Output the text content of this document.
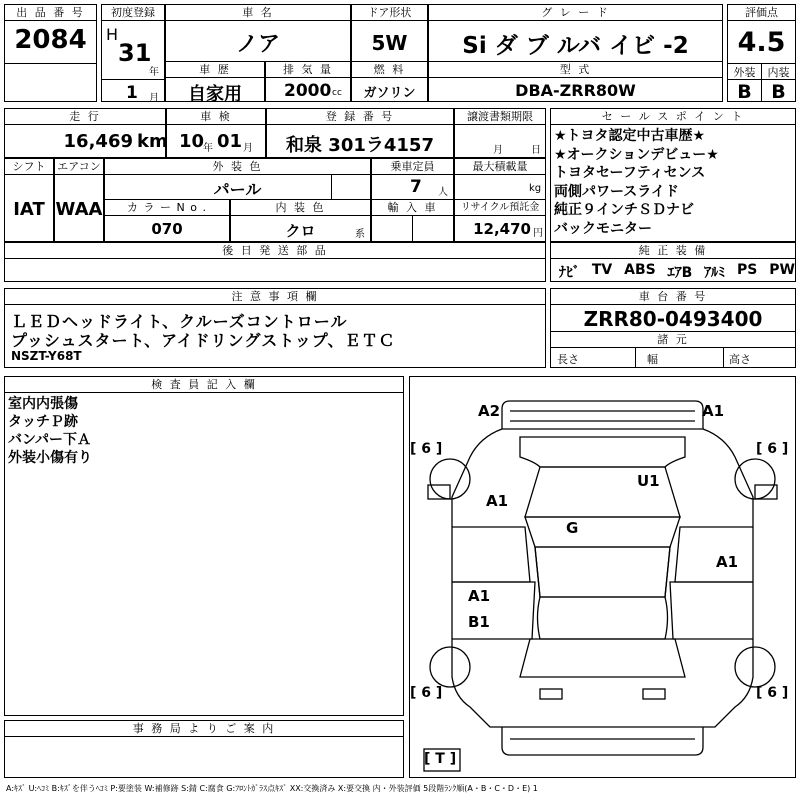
出 品 番 号
2084
初度登録
H
31
年
1 月
車 名
ノア
ドア形状
5W
グ レ ー ド
Si ダ ブ ルバ イビ -2
評価点
4.5
外装	内装
B	B
車 歴
自家用
排 気 量
2000 cc
燃 料
ガソリン
型 式
DBA-ZRR80W
走 行
16,469 km
車 検
10
年 01 月
登 録 番 号
和泉 301ラ4157
譲渡書類期限
月	日
シフト
IAT
エアコン
WAA
外 装 色
パール
乗車定員
7 人
最大積載量
kg
カ ラ ー N o .
070
内 装 色
クロ	系
輸 入 車	リサイクル預託金
12,470 円
後 日 発 送 部 品
セ ー ル ス ポ イ ン ト
★トヨタ認定中古車歴★
★オークションデビュー★
トヨタセーフティセンス
両側パワースライド
純正９インチＳＤナビ
バックモニター
純 正 装 備
ﾅﾋﾞ TV ABS ｴｱB ｱﾙﾐ PS PW
注 意 事 項 欄
ＬＥＤヘッドライト、クルーズコントロール
プッシュスタート、アイドリングストップ、ＥＴＣ
NSZT-Y68T
車 台 番 号
ZRR80-0493400
諸 元
長さ	幅	高さ
検 査 員 記 入 欄
室内内張傷
タッチＰ跡
バンパー下Ａ
外装小傷有り
事 務 局 よ り ご 案 内
A2	A1
A1
U1
G
A1
A1
B1
[ 6 ]	[ 6 ]
[ 6 ]	[ 6 ]
[ T ]
A:ｷｽﾞ U:ﾍｺﾐ B:ｷｽﾞを伴うﾍｺﾐ P:要塗装 W:補修跡 S:錆 C:腐食 G:ﾌﾛﾝﾄｶﾞﾗｽ点ｷｽﾞ XX:交換済み X:要交換 内・外装評価 5段階ﾗﾝｸ順(A・B・C・D・E) 1
